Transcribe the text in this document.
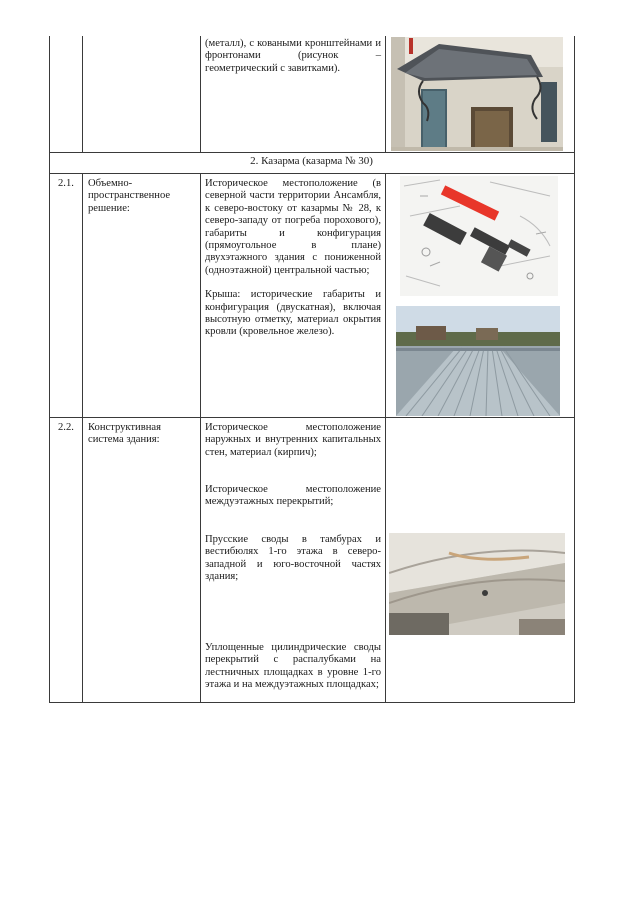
(металл), с коваными кронштейнами и фронтонами (рисунок – геометрический с завитками).

2. Казарма (казарма № 30)
2.1. Объемно-пространственное решение:

Историческое местоположение (в северной части территории Ансамбля, к северо-востоку от казармы № 28, к северо-западу от погреба порохового), габариты и конфигурация (прямоугольное в плане) двухэтажного здания с пониженной (одноэтажной) центральной частью;

Крыша: исторические габариты и конфигурация (двускатная), включая высотную отметку, материал окрытия кровли (кровельное железо).

2.2. Конструктивная система здания:
Историческое местоположение наружных и внутренних капитальных стен, материал (кирпич);
Историческое местоположение междуэтажных перекрытий;
Прусские своды в тамбурах и вестибюлях 1-го этажа в северо-западной и юго-восточной частях здания;
Уплощенные цилиндрические своды перекрытий с распалубками на лестничных площадках в уровне 1-го этажа и на междуэтажных площадках;
